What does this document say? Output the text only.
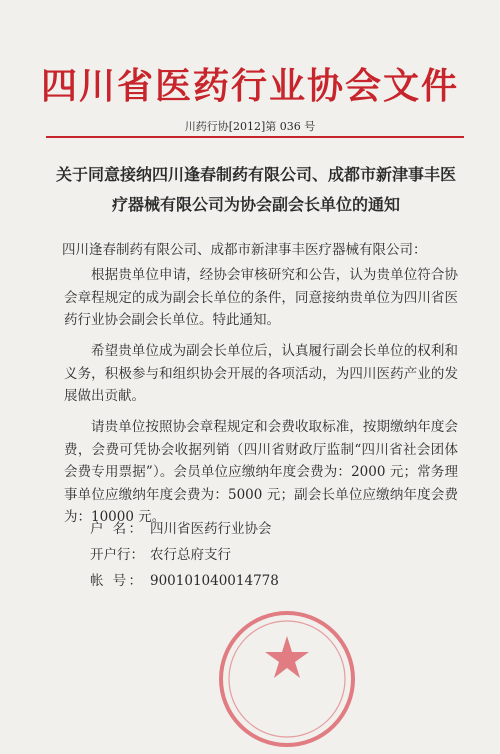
四川省医药行业协会文件
川药行协[2012]第 036 号
关于同意接纳四川逢春制药有限公司、成都市新津事丰医
疗器械有限公司为协会副会长单位的通知
四川逢春制药有限公司、成都市新津事丰医疗器械有限公司：
根据贵单位申请，经协会审核研究和公告，认为贵单位符合协会章程规定的成为副会长单位的条件，同意接纳贵单位为四川省医药行业协会副会长单位。特此通知。
希望贵单位成为副会长单位后，认真履行副会长单位的权利和义务，积极参与和组织协会开展的各项活动，为四川医药产业的发展做出贡献。
请贵单位按照协会章程规定和会费收取标准，按期缴纳年度会费，会费可凭协会收据列销（四川省财政厅监制“四川省社会团体会费专用票据”）。会员单位应缴纳年度会费为：2000 元；常务理事单位应缴纳年度会费为：5000 元；副会长单位应缴纳年度会费为：10000 元。
户 名： 四川省医药行业协会
开户行： 农行总府支行
帐 号： 900101040014778
